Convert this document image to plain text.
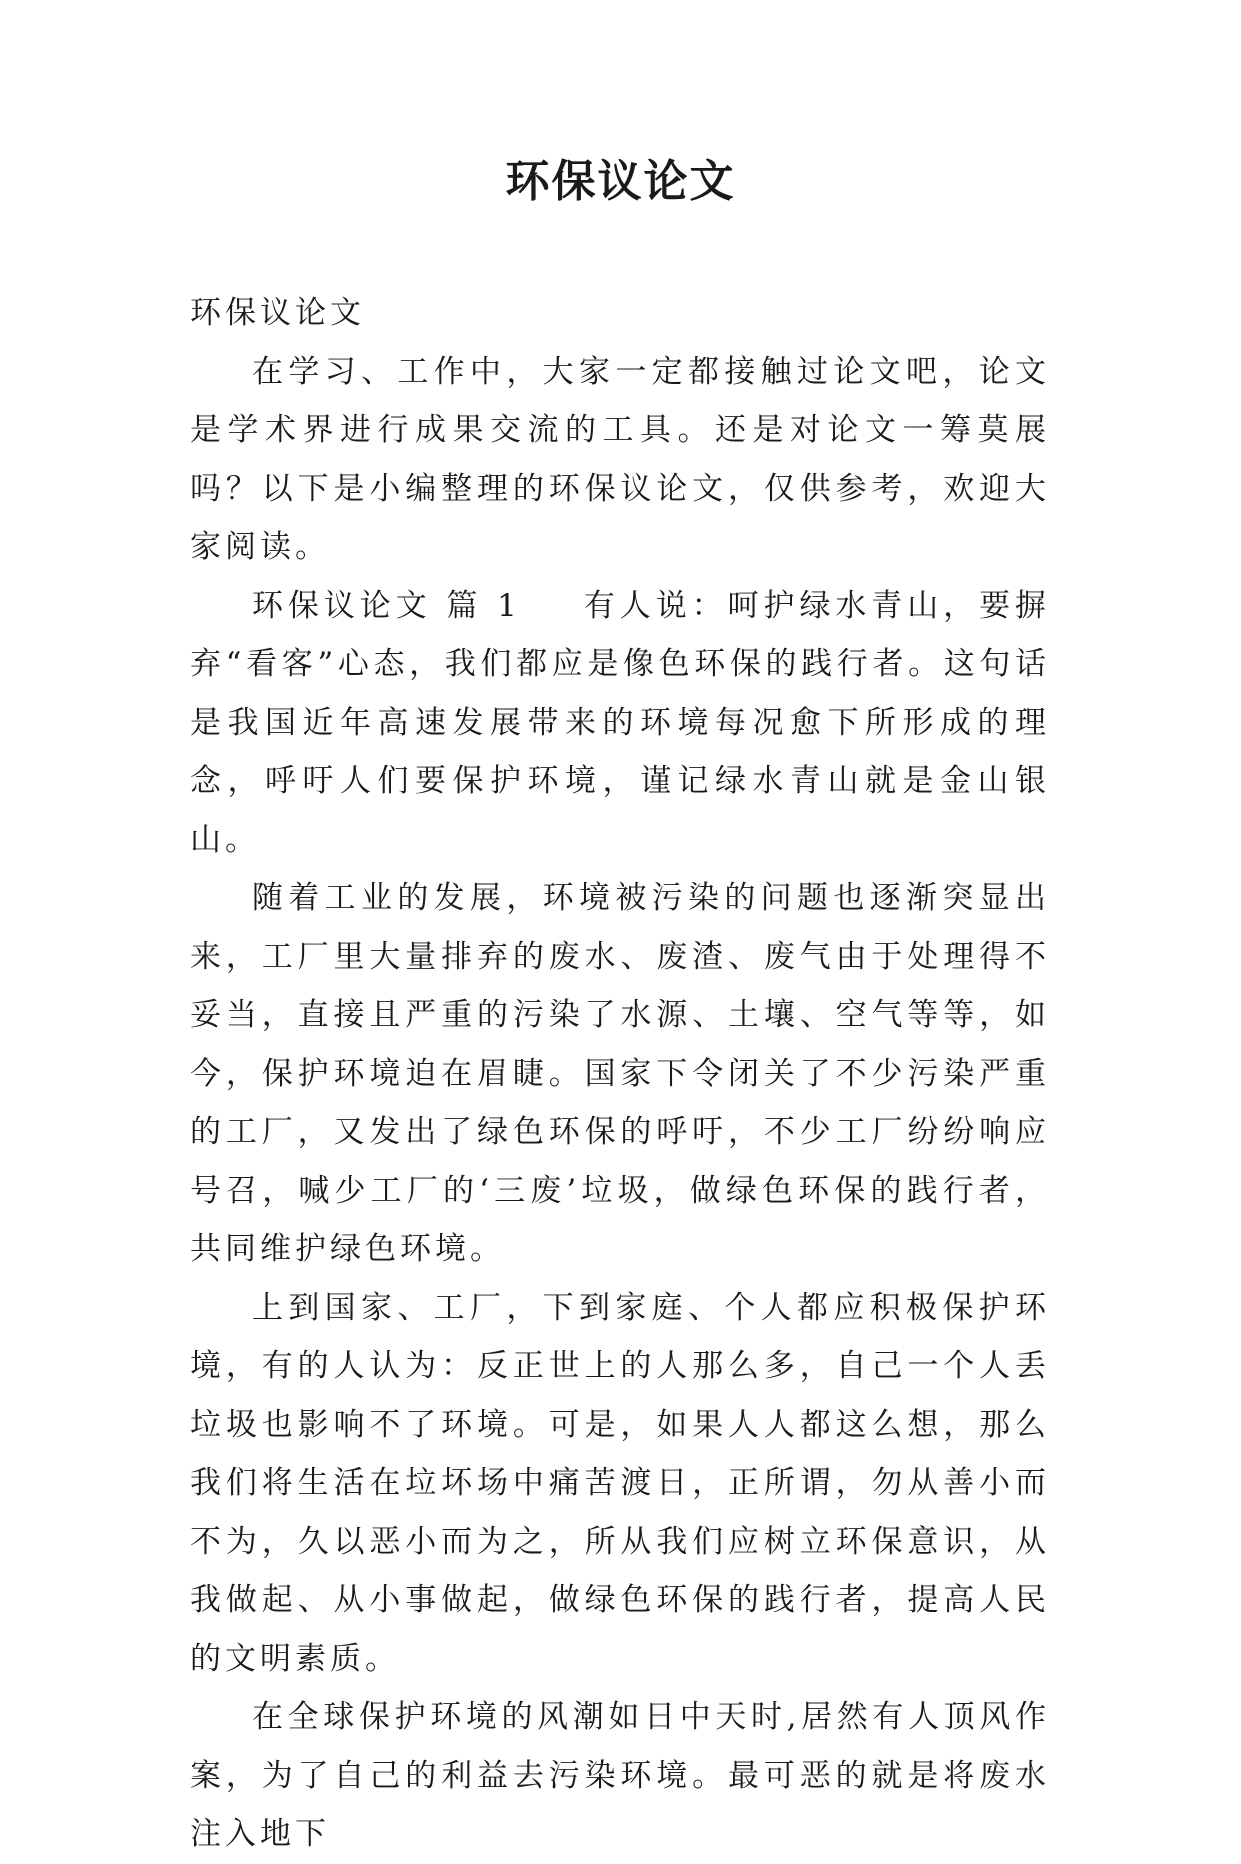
环保议论文

环保议论文

在学习、工作中，大家一定都接触过论文吧，论文是学术界进行成果交流的工具。还是对论文一筹莫展吗？以下是小编整理的环保议论文，仅供参考，欢迎大家阅读。

环保议论文 篇 1 有人说：呵护绿水青山，要摒弃“看客”心态，我们都应是像色环保的践行者。这句话是我国近年高速发展带来的环境每况愈下所形成的理念，呼吁人们要保护环境，谨记绿水青山就是金山银山。

随着工业的发展，环境被污染的问题也逐渐突显出来，工厂里大量排弃的废水、废渣、废气由于处理得不妥当，直接且严重的污染了水源、土壤、空气等等，如今，保护环境迫在眉睫。国家下令闭关了不少污染严重的工厂，又发出了绿色环保的呼吁，不少工厂纷纷响应号召，喊少工厂的‘三废’垃圾，做绿色环保的践行者，共同维护绿色环境。

上到国家、工厂，下到家庭、个人都应积极保护环境，有的人认为：反正世上的人那么多，自己一个人丢垃圾也影响不了环境。可是，如果人人都这么想，那么我们将生活在垃坏场中痛苦渡日，正所谓，勿从善小而不为，久以恶小而为之，所从我们应树立环保意识，从我做起、从小事做起，做绿色环保的践行者，提高人民的文明素质。

在全球保护环境的风潮如日中天时,居然有人顶风作案，为了自己的利益去污染环境。最可恶的就是将废水注入地下
